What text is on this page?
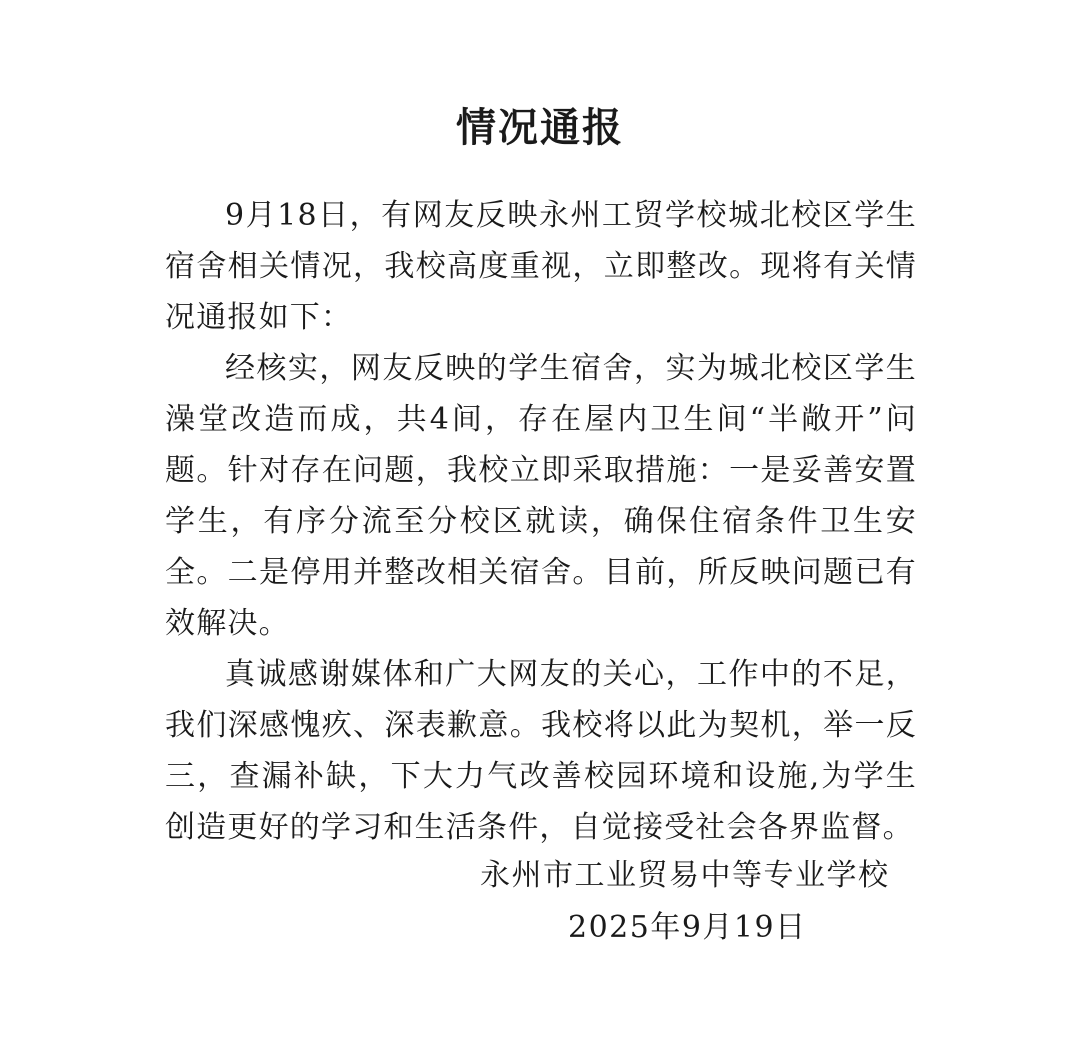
情况通报

9月18日，有网友反映永州工贸学校城北校区学生宿舍相关情况，我校高度重视，立即整改。现将有关情况通报如下：

经核实，网友反映的学生宿舍，实为城北校区学生澡堂改造而成，共4间，存在屋内卫生间“半敞开”问题。针对存在问题，我校立即采取措施：一是妥善安置学生，有序分流至分校区就读，确保住宿条件卫生安全。二是停用并整改相关宿舍。目前，所反映问题已有效解决。

真诚感谢媒体和广大网友的关心，工作中的不足，我们深感愧疚、深表歉意。我校将以此为契机，举一反三，查漏补缺，下大力气改善校园环境和设施,为学生创造更好的学习和生活条件，自觉接受社会各界监督。

永州市工业贸易中等专业学校

2025年9月19日
